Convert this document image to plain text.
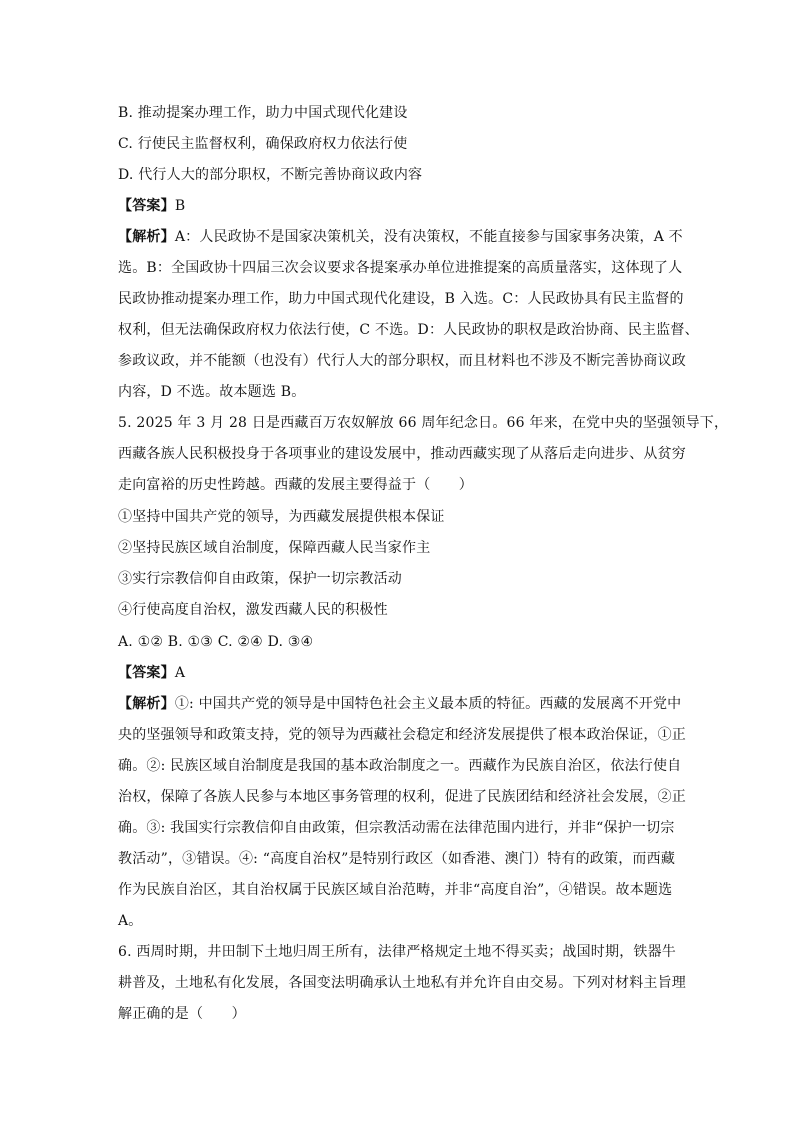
B. 推动提案办理工作，助力中国式现代化建设
C. 行使民主监督权利，确保政府权力依法行使
D. 代行人大的部分职权，不断完善协商议政内容
【答案】B
【解析】A：人民政协不是国家决策机关，没有决策权，不能直接参与国家事务决策，A 不
选。B：全国政协十四届三次会议要求各提案承办单位进推提案的高质量落实，这体现了人
民政协推动提案办理工作，助力中国式现代化建设，B 入选。C：人民政协具有民主监督的
权利，但无法确保政府权力依法行使，C 不选。D：人民政协的职权是政治协商、民主监督、
参政议政，并不能额（也没有）代行人大的部分职权，而且材料也不涉及不断完善协商议政
内容，D 不选。故本题选 B。
5. 2025 年 3 月 28 日是西藏百万农奴解放 66 周年纪念日。66 年来，在党中央的坚强领导下，
西藏各族人民积极投身于各项事业的建设发展中，推动西藏实现了从落后走向进步、从贫穷
走向富裕的历史性跨越。西藏的发展主要得益于（　　）
①坚持中国共产党的领导，为西藏发展提供根本保证
②坚持民族区域自治制度，保障西藏人民当家作主
③实行宗教信仰自由政策，保护一切宗教活动
④行使高度自治权，激发西藏人民的积极性
A. ①② B. ①③ C. ②④ D. ③④
【答案】A
【解析】①: 中国共产党的领导是中国特色社会主义最本质的特征。西藏的发展离不开党中
央的坚强领导和政策支持，党的领导为西藏社会稳定和经济发展提供了根本政治保证，①正
确。②: 民族区域自治制度是我国的基本政治制度之一。西藏作为民族自治区，依法行使自
治权，保障了各族人民参与本地区事务管理的权利，促进了民族团结和经济社会发展，②正
确。③: 我国实行宗教信仰自由政策，但宗教活动需在法律范围内进行，并非“保护一切宗
教活动”，③错误。④: “高度自治权”是特别行政区（如香港、澳门）特有的政策，而西藏
作为民族自治区，其自治权属于民族区域自治范畴，并非“高度自治”，④错误。故本题选
A。
6. 西周时期，井田制下土地归周王所有，法律严格规定土地不得买卖；战国时期，铁器牛
耕普及，土地私有化发展，各国变法明确承认土地私有并允许自由交易。下列对材料主旨理
解正确的是（　　）
